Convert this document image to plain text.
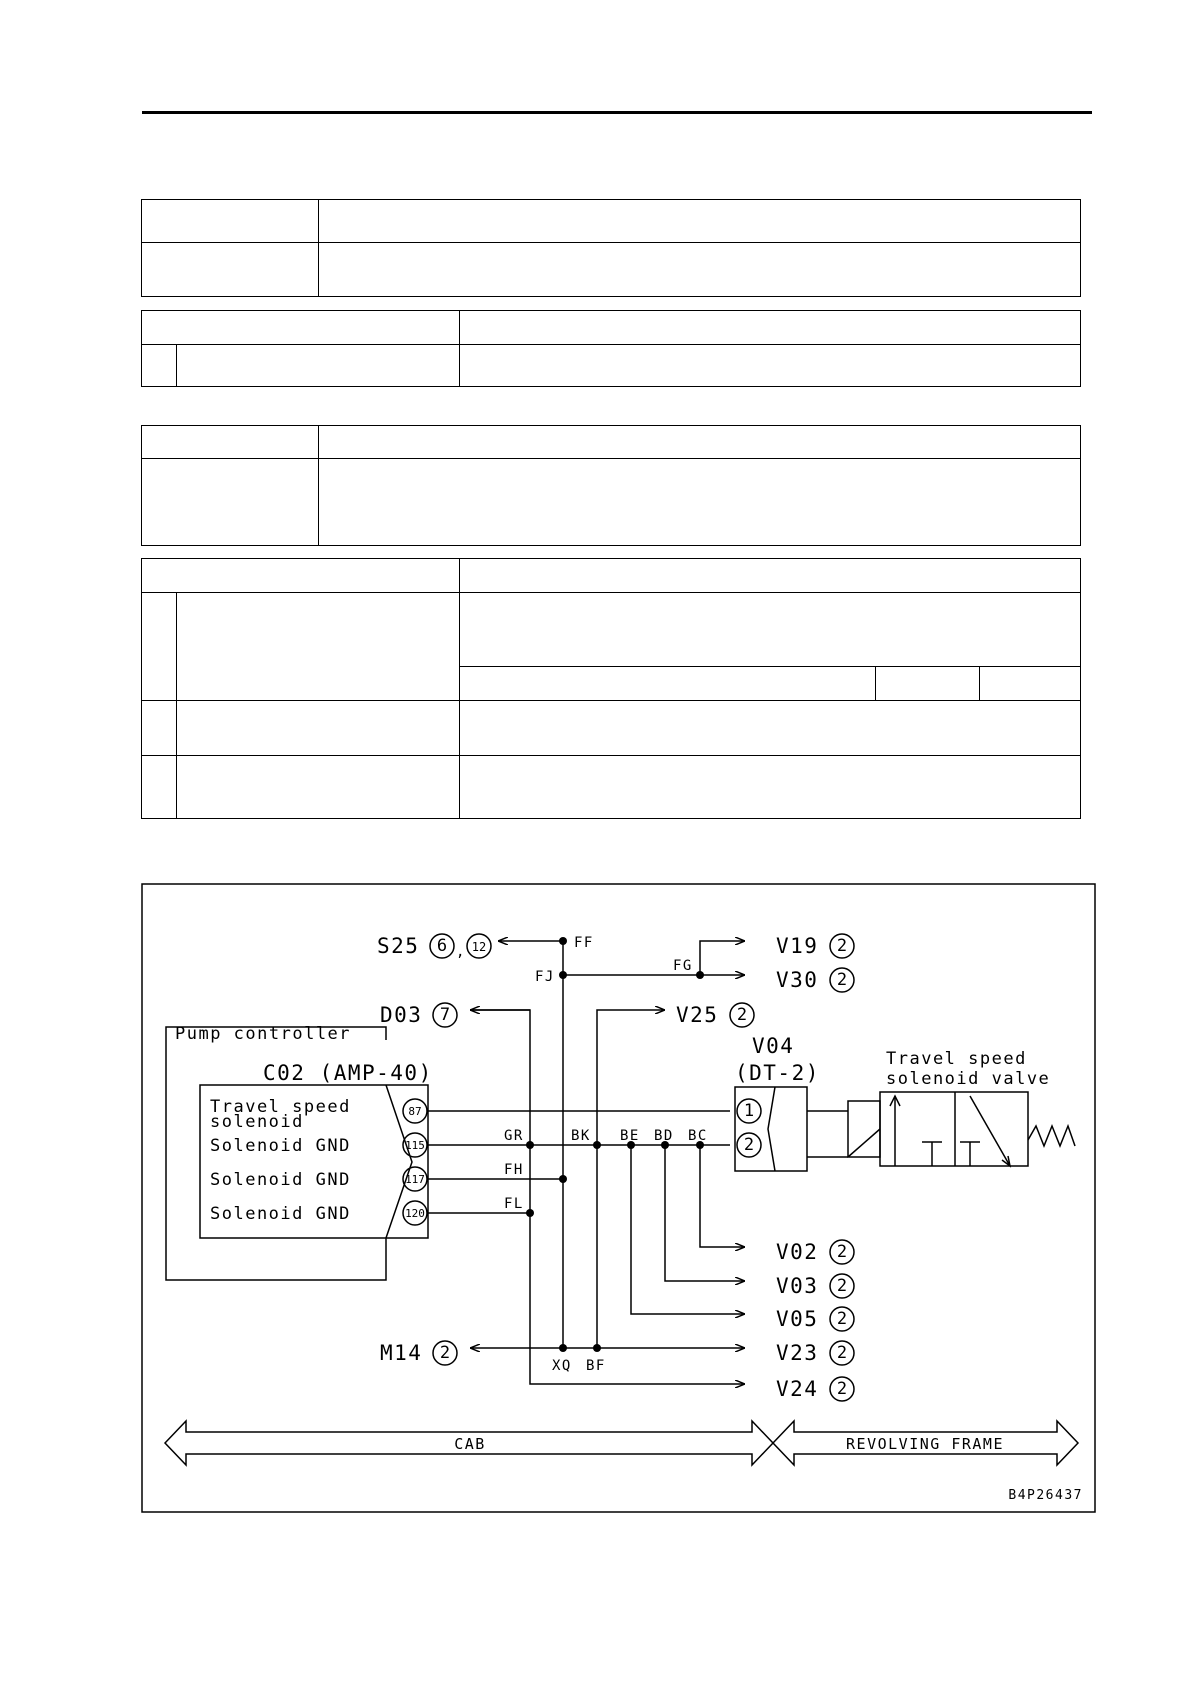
Pump controller
C02 (AMP-40)
Travel speed
solenoid
Solenoid GND
Solenoid GND
Solenoid GND
87
115
117
120
V04
(DT-2)
1
2
Travel speed
solenoid valve
FF
FJ
FG
GR
FH
FL
BK BE BD BC
XQ BF
S25 6 12
,
D03 7
V19 2
V30 2
V25 2
V02 2
V03 2
V05 2
V23 2
M14 2
V24 2
CAB	REVOLVING FRAME
B4P26437
